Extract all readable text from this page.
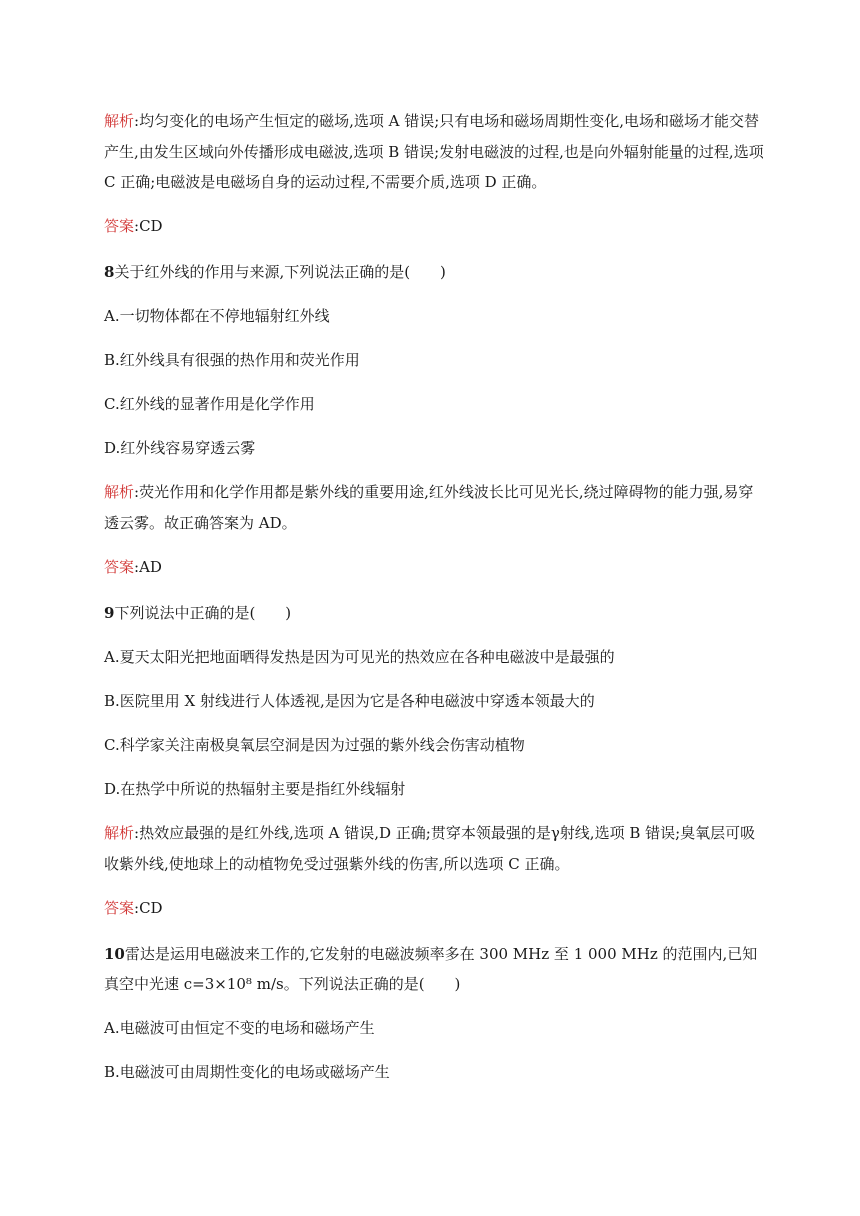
解析:均匀变化的电场产生恒定的磁场,选项 A 错误;只有电场和磁场周期性变化,电场和磁场才能交替产生,由发生区域向外传播形成电磁波,选项 B 错误;发射电磁波的过程,也是向外辐射能量的过程,选项 C 正确;电磁波是电磁场自身的运动过程,不需要介质,选项 D 正确。

答案:CD

8关于红外线的作用与来源,下列说法正确的是(　　)

A.一切物体都在不停地辐射红外线

B.红外线具有很强的热作用和荧光作用

C.红外线的显著作用是化学作用

D.红外线容易穿透云雾

解析:荧光作用和化学作用都是紫外线的重要用途,红外线波长比可见光长,绕过障碍物的能力强,易穿透云雾。故正确答案为 AD。

答案:AD

9下列说法中正确的是(　　)

A.夏天太阳光把地面晒得发热是因为可见光的热效应在各种电磁波中是最强的

B.医院里用 X 射线进行人体透视,是因为它是各种电磁波中穿透本领最大的

C.科学家关注南极臭氧层空洞是因为过强的紫外线会伤害动植物

D.在热学中所说的热辐射主要是指红外线辐射

解析:热效应最强的是红外线,选项 A 错误,D 正确;贯穿本领最强的是γ射线,选项 B 错误;臭氧层可吸收紫外线,使地球上的动植物免受过强紫外线的伤害,所以选项 C 正确。

答案:CD

10雷达是运用电磁波来工作的,它发射的电磁波频率多在 300 MHz 至 1 000 MHz 的范围内,已知真空中光速 c=3×10⁸ m/s。下列说法正确的是(　　)

A.电磁波可由恒定不变的电场和磁场产生

B.电磁波可由周期性变化的电场或磁场产生
